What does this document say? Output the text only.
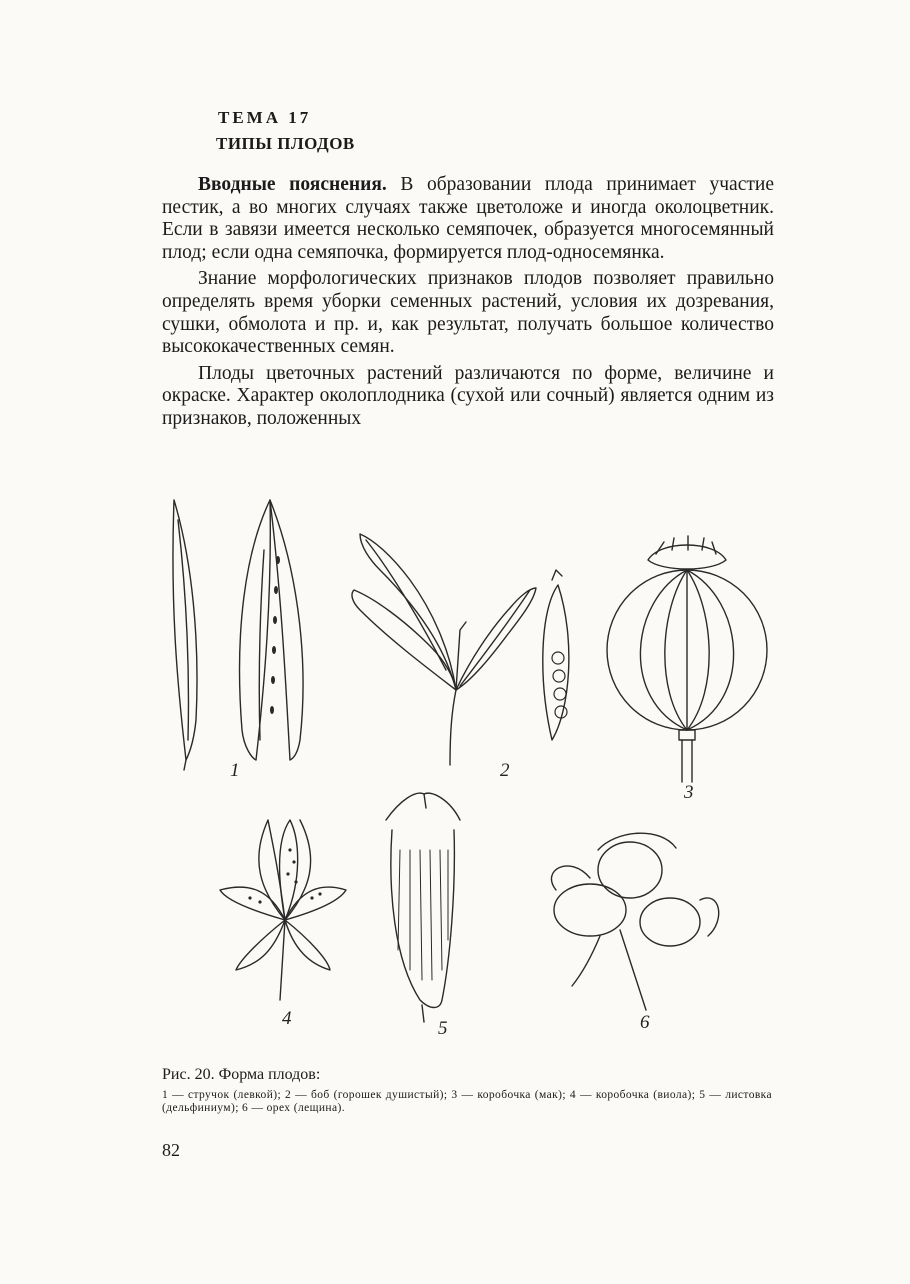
ТЕМА 17
ТИПЫ ПЛОДОВ

Вводные пояснения. В образовании плода принимает участие пестик, а во многих случаях также цветоложе и иногда околоцветник. Если в завязи имеется несколько семяпочек, образуется многосемянный плод; если одна семяпочка, формируется плод-односемянка.

Знание морфологических признаков плодов позволяет правильно определять время уборки семенных растений, условия их дозревания, сушки, обмолота и пр. и, как результат, получать большое количество высококачественных семян.

Плоды цветочных растений различаются по форме, величине и окраске. Характер околоплодника (сухой или сочный) является одним из признаков, положенных

1	2
3
4	5	6
Рис. 20. Форма плодов:
1 — стручок (левкой); 2 — боб (горошек душистый); 3 — коробочка (мак); 4 — коробочка (виола); 5 — листовка (дельфиниум); 6 — орех (лещина).
82
